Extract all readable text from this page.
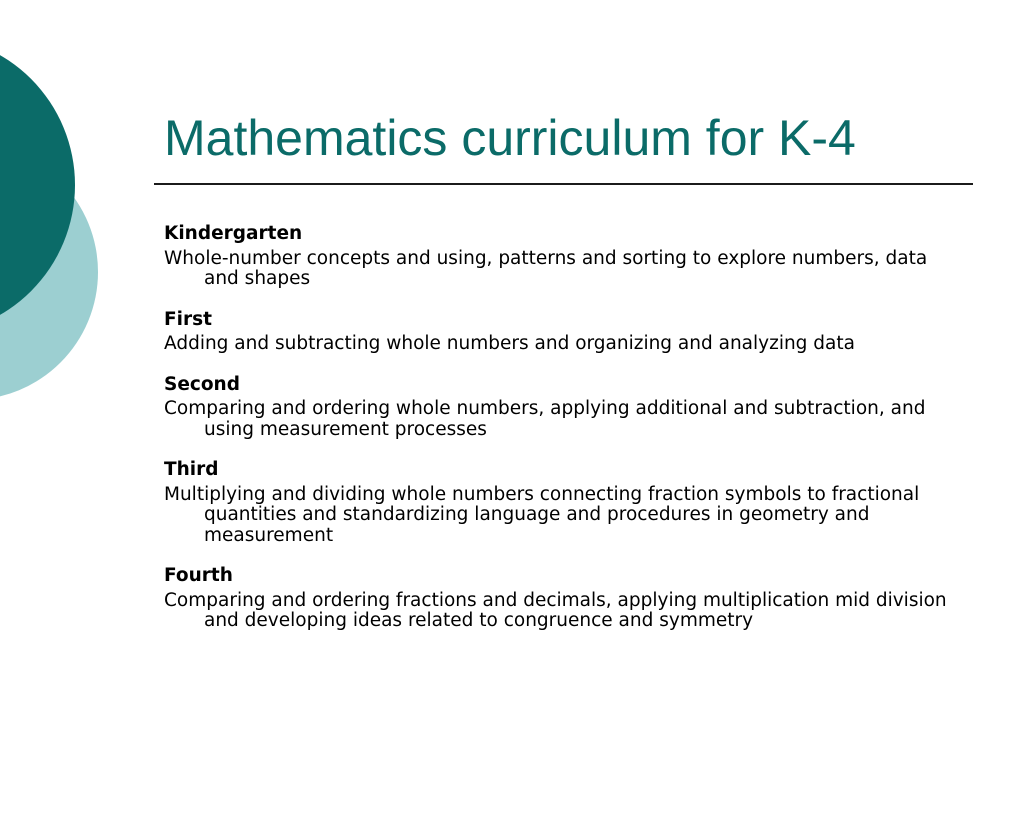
Mathematics curriculum for K-4
Kindergarten
Whole-number concepts and using, patterns and sorting to explore numbers, data and shapes
First
Adding and subtracting whole numbers and organizing and analyzing data
Second
Comparing and ordering whole numbers, applying additional and subtraction, and using measurement processes
Third
Multiplying and dividing whole numbers connecting fraction symbols to fractional quantities and standardizing language and procedures in geometry and measurement
Fourth
Comparing and ordering fractions and decimals, applying multiplication mid division and developing ideas related to congruence and symmetry
